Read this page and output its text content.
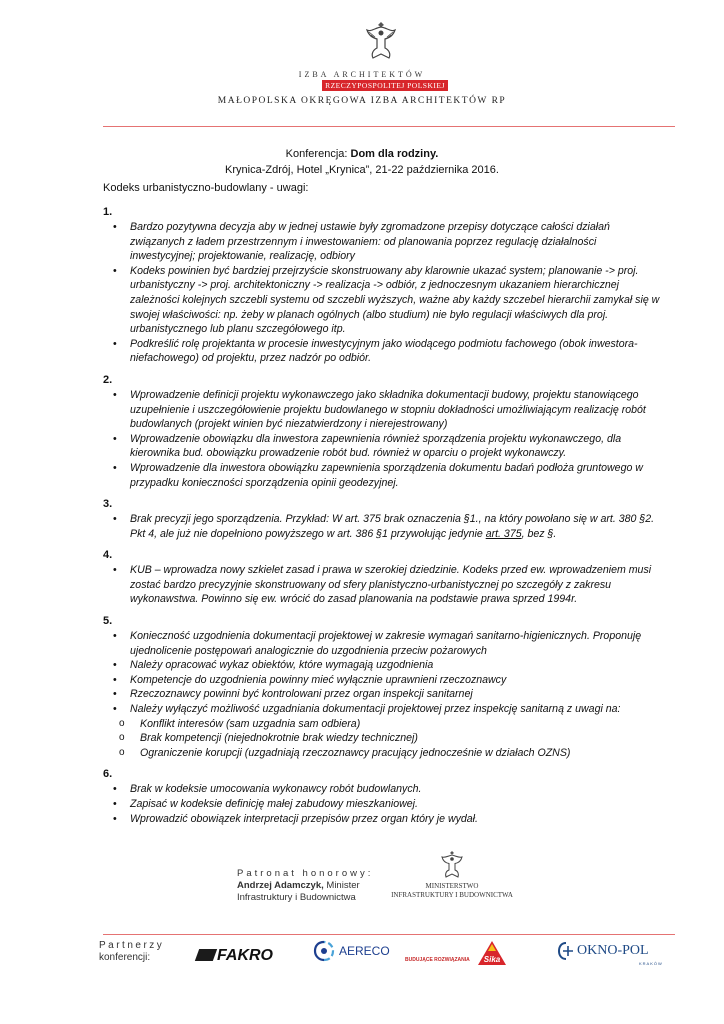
IZBA ARCHITEKTÓW
RZECZYPOSPOLITEJ POLSKIEJ
MAŁOPOLSKA OKRĘGOWA IZBA ARCHITEKTÓW RP
Konferencja: Dom dla rodziny.
Krynica-Zdrój, Hotel „Krynica”, 21-22 października 2016.
Kodeks urbanistyczno-budowlany - uwagi:
1.
• Bardzo pozytywna decyzja aby w jednej ustawie były zgromadzone przepisy dotyczące całości działań związanych z ładem przestrzennym i inwestowaniem: od planowania poprzez regulację działalności inwestycyjnej; projektowanie, realizację, odbiory
• Kodeks powinien być bardziej przejrzyście skonstruowany aby klarownie ukazać system; planowanie -> proj. urbanistyczny -> proj. architektoniczny -> realizacja -> odbiór, z jednoczesnym ukazaniem hierarchicznej zależności kolejnych szczebli systemu od szczebli wyższych, ważne aby każdy szczebel hierarchii zamykał się w swojej właściwości: np. żeby w planach ogólnych (albo studium) nie było regulacji właściwych dla proj. urbanistycznego lub planu szczegółowego itp.
• Podkreślić rolę projektanta w procesie inwestycyjnym jako wiodącego podmiotu fachowego (obok inwestora-niefachowego) od projektu, przez nadzór po odbiór.
2.
• Wprowadzenie definicji projektu wykonawczego jako składnika dokumentacji budowy, projektu stanowiącego uzupełnienie i uszczegółowienie projektu budowlanego w stopniu dokładności umożliwiającym realizację robót budowlanych (projekt winien być niezatwierdzony i nierejestrowany)
• Wprowadzenie obowiązku dla inwestora zapewnienia również sporządzenia projektu wykonawczego, dla kierownika bud. obowiązku prowadzenie robót bud. również w oparciu o projekt wykonawczy.
• Wprowadzenie dla inwestora obowiązku zapewnienia sporządzenia dokumentu badań podłoża gruntowego w przypadku konieczności sporządzenia opinii geodezyjnej.
3.
• Brak precyzji jego sporządzenia. Przykład: W art. 375 brak oznaczenia §1., na który powołano się w art. 380 §2. Pkt 4, ale już nie dopełniono powyższego w art. 386 §1 przywołując jedynie art. 375, bez §.
4.
• KUB – wprowadza nowy szkielet zasad i prawa w szerokiej dziedzinie. Kodeks przed ew. wprowadzeniem musi zostać bardzo precyzyjnie skonstruowany od sfery planistyczno-urbanistycznej po szczegóły z zakresu wykonawstwa. Powinno się ew. wrócić do zasad planowania na podstawie prawa sprzed 1994r.
5.
• Konieczność uzgodnienia dokumentacji projektowej w zakresie wymagań sanitarno-higienicznych. Proponuję ujednolicenie postępowań analogicznie do uzgodnienia przeciw pożarowych
• Należy opracować wykaz obiektów, które wymagają uzgodnienia
• Kompetencje do uzgodnienia powinny mieć wyłącznie uprawnieni rzeczoznawcy
• Rzeczoznawcy powinni być kontrolowani przez organ inspekcji sanitarnej
• Należy wyłączyć możliwość uzgadniania dokumentacji projektowej przez inspekcję sanitarną z uwagi na:
o Konflikt interesów (sam uzgadnia sam odbiera)
o Brak kompetencji (niejednokrotnie brak wiedzy technicznej)
o Ograniczenie korupcji (uzgadniają rzeczoznawcy pracujący jednocześnie w działach OZNS)
6.
• Brak w kodeksie umocowania wykonawcy robót budowlanych.
• Zapisać w kodeksie definicję małej zabudowy mieszkaniowej.
• Wprowadzić obowiązek interpretacji przepisów przez organ który je wydał.
Patronat honorowy:
Andrzej Adamczyk, Minister
Infrastruktury i Budownictwa
MINISTERSTWO
INFRASTRUKTURY I BUDOWNICTWA
Partnerzy
konferencji:	FAKRO	AERECO
BUDUJĄCE ROZWIĄZANIA Sika
OKNO-POL
KRAKÓW
